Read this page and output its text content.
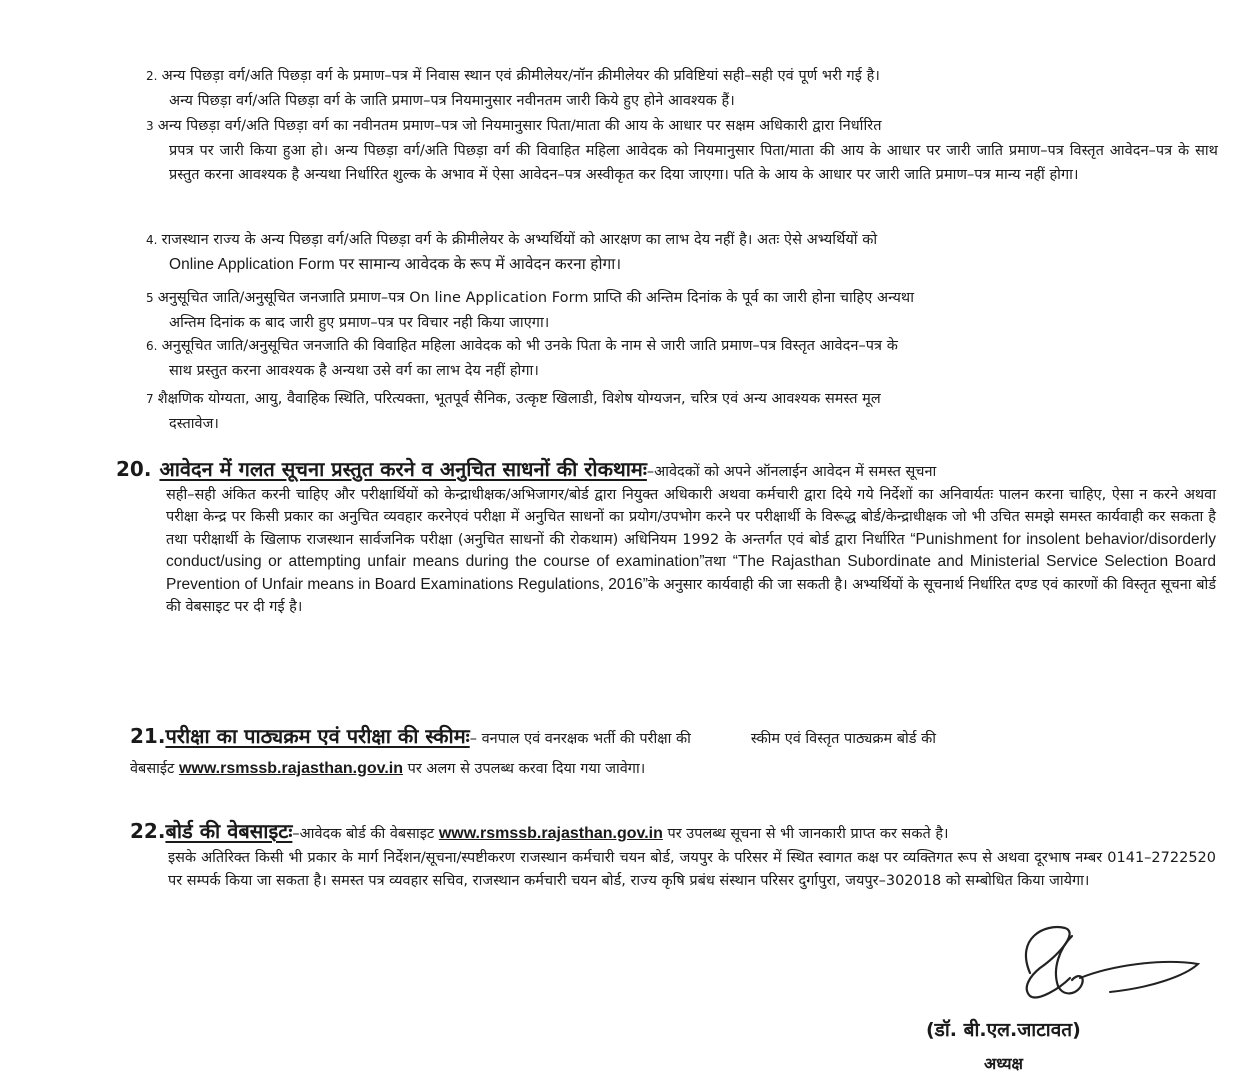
2. अन्य पिछड़ा वर्ग/अति पिछड़ा वर्ग के प्रमाण–पत्र में निवास स्थान एवं क्रीमीलेयर/नॉन क्रीमीलेयर की प्रविष्टियां सही–सही एवं पूर्ण भरी गई है।
अन्य पिछड़ा वर्ग/अति पिछड़ा वर्ग के जाति प्रमाण–पत्र नियमानुसार नवीनतम जारी किये हुए होने आवश्यक हैं।
3 अन्य पिछड़ा वर्ग/अति पिछड़ा वर्ग का नवीनतम प्रमाण–पत्र जो नियमानुसार पिता/माता की आय के आधार पर सक्षम अधिकारी द्वारा निर्धारित
प्रपत्र पर जारी किया हुआ हो। अन्य पिछड़ा वर्ग/अति पिछड़ा वर्ग की विवाहित महिला आवेदक को नियमानुसार पिता/माता की आय के आधार पर जारी जाति प्रमाण–पत्र विस्तृत आवेदन–पत्र के साथ प्रस्तुत करना आवश्यक है अन्यथा निर्धारित शुल्क के अभाव में ऐसा आवेदन–पत्र अस्वीकृत कर दिया जाएगा। पति के आय के आधार पर जारी जाति प्रमाण–पत्र मान्य नहीं होगा।
4. राजस्थान राज्य के अन्य पिछड़ा वर्ग/अति पिछड़ा वर्ग के क्रीमीलेयर के अभ्यर्थियों को आरक्षण का लाभ देय नहीं है। अतः ऐसे अभ्यर्थियों को
Online Application Form पर सामान्य आवेदक के रूप में आवेदन करना होगा।
5 अनुसूचित जाति/अनुसूचित जनजाति प्रमाण–पत्र On line Application Form प्राप्ति की अन्तिम दिनांक के पूर्व का जारी होना चाहिए अन्यथा
अन्तिम दिनांक क बाद जारी हुए प्रमाण–पत्र पर विचार नही किया जाएगा।
6. अनुसूचित जाति/अनुसूचित जनजाति की विवाहित महिला आवेदक को भी उनके पिता के नाम से जारी जाति प्रमाण–पत्र विस्तृत आवेदन–पत्र के
साथ प्रस्तुत करना आवश्यक है अन्यथा उसे वर्ग का लाभ देय नहीं होगा।
7 शैक्षणिक योग्यता, आयु, वैवाहिक स्थिति, परित्यक्ता, भूतपूर्व सैनिक, उत्कृष्ट खिलाडी, विशेष योग्यजन, चरित्र एवं अन्य आवश्यक समस्त मूल
दस्तावेज।
20. आवेदन में गलत सूचना प्रस्तुत करने व अनुचित साधनों की रोकथामः–आवेदकों को अपने ऑनलाईन आवेदन में समस्त सूचना
सही–सही अंकित करनी चाहिए और परीक्षार्थियों को केन्द्राधीक्षक/अभिजागर/बोर्ड द्वारा नियुक्त अधिकारी अथवा कर्मचारी द्वारा दिये गये निर्देशों का अनिवार्यतः पालन करना चाहिए, ऐसा न करने अथवा परीक्षा केन्द्र पर किसी प्रकार का अनुचित व्यवहार करनेएवं परीक्षा में अनुचित साधनों का प्रयोग/उपभोग करने पर परीक्षार्थी के विरूद्ध बोर्ड/केन्द्राधीक्षक जो भी उचित समझे समस्त कार्यवाही कर सकता है तथा परीक्षार्थी के खिलाफ राजस्थान सार्वजनिक परीक्षा (अनुचित साधनों की रोकथाम) अधिनियम 1992 के अन्तर्गत एवं बोर्ड द्वारा निर्धारित “Punishment for insolent behavior/disorderly conduct/using or attempting unfair means during the course of examination”तथा “The Rajasthan Subordinate and Ministerial Service Selection Board Prevention of Unfair means in Board Examinations Regulations, 2016”के अनुसार कार्यवाही की जा सकती है। अभ्यर्थियों के सूचनार्थ निर्धारित दण्ड एवं कारणों की विस्तृत सूचना बोर्ड की वेबसाइट पर दी गई है।
21.परीक्षा का पाठ्यक्रम एवं परीक्षा की स्कीमः– वनपाल एवं वनरक्षक भर्ती की परीक्षा की	स्कीम एवं विस्तृत पाठ्यक्रम बोर्ड की
वेबसाईट www.rsmssb.rajasthan.gov.in पर अलग से उपलब्ध करवा दिया गया जावेगा।
22.बोर्ड की वेबसाइटः–आवेदक बोर्ड की वेबसाइट www.rsmssb.rajasthan.gov.in पर उपलब्ध सूचना से भी जानकारी प्राप्त कर सकते है।
इसके अतिरिक्त किसी भी प्रकार के मार्ग निर्देशन/सूचना/स्पष्टीकरण राजस्थान कर्मचारी चयन बोर्ड, जयपुर के परिसर में स्थित स्वागत कक्ष पर व्यक्तिगत रूप से अथवा दूरभाष नम्बर 0141–2722520 पर सम्पर्क किया जा सकता है। समस्त पत्र व्यवहार सचिव, राजस्थान कर्मचारी चयन बोर्ड, राज्य कृषि प्रबंध संस्थान परिसर दुर्गापुरा, जयपुर–302018 को सम्बोधित किया जायेगा।
(डॉ. बी.एल.जाटावत)
अध्यक्ष
